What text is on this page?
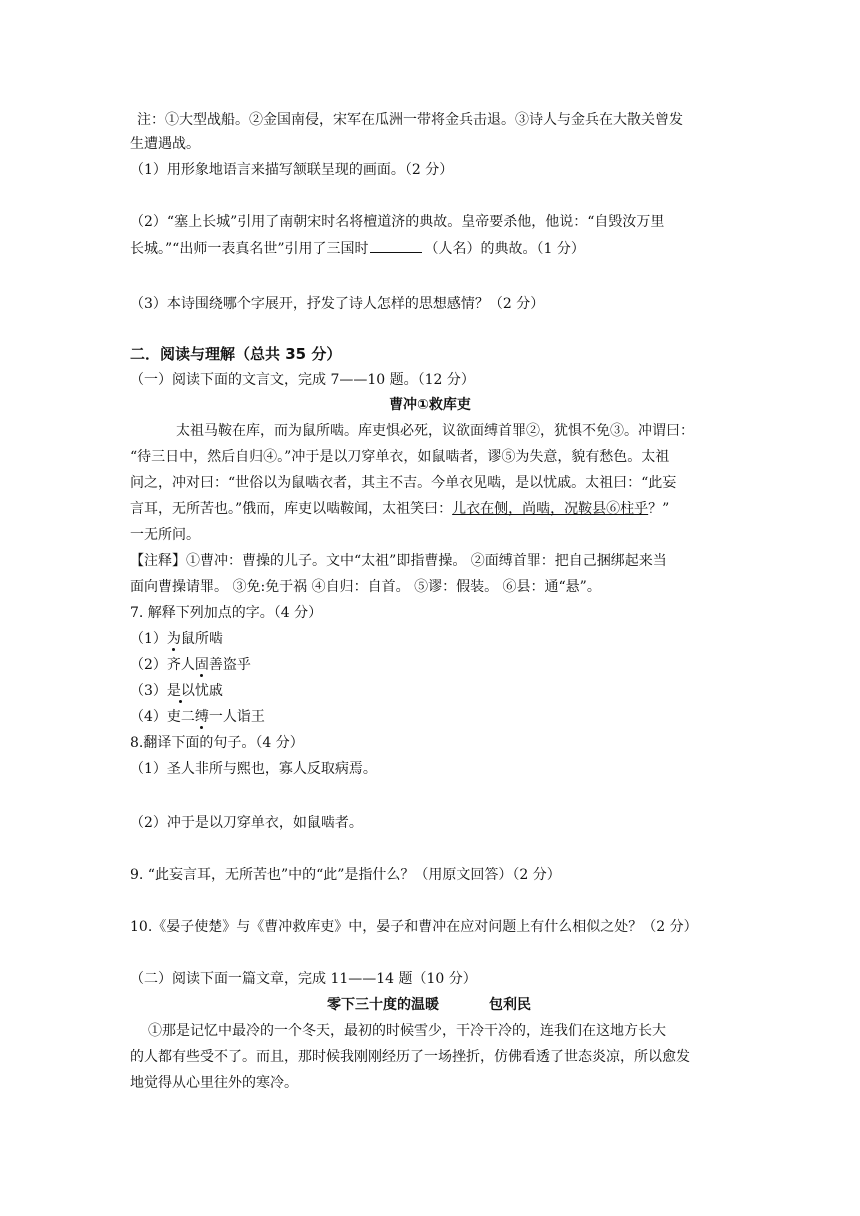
注：①大型战船。②金国南侵，宋军在瓜洲一带将金兵击退。③诗人与金兵在大散关曾发
生遭遇战。
（1）用形象地语言来描写颔联呈现的画面。（2 分）
（2）“塞上长城”引用了南朝宋时名将檀道济的典故。皇帝要杀他，他说：“自毁汝万里
长城。”“出师一表真名世”引用了三国时	（人名）的典故。（1 分）
（3）本诗围绕哪个字展开，抒发了诗人怎样的思想感情？（2 分）
二．阅读与理解（总共 35 分）
（一）阅读下面的文言文，完成 7——10 题。（12 分）
曹冲①救库吏
太祖马鞍在库，而为鼠所啮。库吏惧必死，议欲面缚首罪②，犹惧不免③。冲谓曰：
“待三日中，然后自归④。”冲于是以刀穿单衣，如鼠啮者，谬⑤为失意，貌有愁色。太祖
问之，冲对曰：“世俗以为鼠啮衣者，其主不吉。今单衣见啮，是以忧戚。太祖曰：“此妄
言耳，无所苦也。”俄而，库吏以啮鞍闻，太祖笑曰：儿衣在侧，尚啮，况鞍县⑥柱乎？”
一无所问。
【注释】①曹冲：曹操的儿子。文中“太祖”即指曹操。 ②面缚首罪：把自己捆绑起来当
面向曹操请罪。 ③免:免于祸 ④自归：自首。 ⑤谬：假装。 ⑥县：通“悬”。
7. 解释下列加点的字。（4 分）
（1）为鼠所啮
（2）齐人固善盗乎
（3）是以忧戚
（4）吏二缚一人诣王
8.翻译下面的句子。（4 分）
（1）圣人非所与熙也，寡人反取病焉。
（2）冲于是以刀穿单衣，如鼠啮者。
9. “此妄言耳，无所苦也”中的“此”是指什么？（用原文回答）（2 分）
10.《晏子使楚》与《曹冲救库吏》中，晏子和曹冲在应对问题上有什么相似之处？（2 分）
（二）阅读下面一篇文章，完成 11——14 题（10 分）
零下三十度的温暖	包利民
①那是记忆中最冷的一个冬天，最初的时候雪少，干冷干冷的，连我们在这地方长大
的人都有些受不了。而且，那时候我刚刚经历了一场挫折，仿佛看透了世态炎凉，所以愈发
地觉得从心里往外的寒冷。
